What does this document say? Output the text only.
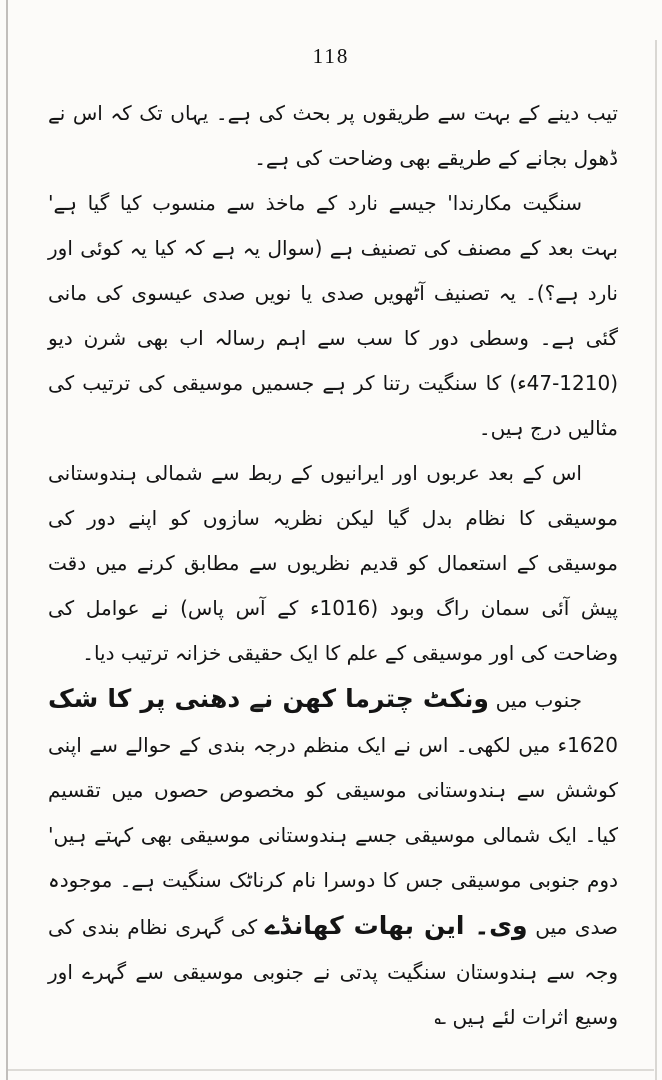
118

تیب دینے کے بہت سے طریقوں پر بحث کی ہے۔ یہاں تک کہ اس نے ڈھول بجانے کے طریقے بھی وضاحت کی ہے۔

سنگیت مکارندا' جیسے نارد کے ماخذ سے منسوب کیا گیا ہے' بہت بعد کے مصنف کی تصنیف ہے (سوال یہ ہے کہ کیا یہ کوئی اور نارد ہے؟)۔ یہ تصنیف آٹھویں صدی یا نویں صدی عیسوی کی مانی گئی ہے۔ وسطی دور کا سب سے اہم رسالہ اب بھی شرن دیو (1210-47ء) کا سنگیت رتنا کر ہے جسمیں موسیقی کی ترتیب کی مثالیں درج ہیں۔

اس کے بعد عربوں اور ایرانیوں کے ربط سے شمالی ہندوستانی موسیقی کا نظام بدل گیا لیکن نظریہ سازوں کو اپنے دور کی موسیقی کے استعمال کو قدیم نظریوں سے مطابق کرنے میں دقت پیش آئی سمان راگ وبود (1016ء کے آس پاس) نے عوامل کی وضاحت کی اور موسیقی کے علم کا ایک حقیقی خزانہ ترتیب دیا۔

جنوب میں ونکٹ چترما کھن نے دھنی پر کا شک 1620ء میں لکھی۔ اس نے ایک منظم درجہ بندی کے حوالے سے اپنی کوشش سے ہندوستانی موسیقی کو مخصوص حصوں میں تقسیم کیا۔ ایک شمالی موسیقی جسے ہندوستانی موسیقی بھی کہتے ہیں' دوم جنوبی موسیقی جس کا دوسرا نام کرناٹک سنگیت ہے۔ موجودہ صدی میں وی۔ این بھات کھانڈے کی گہری نظام بندی کی وجہ سے ہندوستان سنگیت پدتی نے جنوبی موسیقی سے گہرے اور وسیع اثرات لئے ہیں ؎
